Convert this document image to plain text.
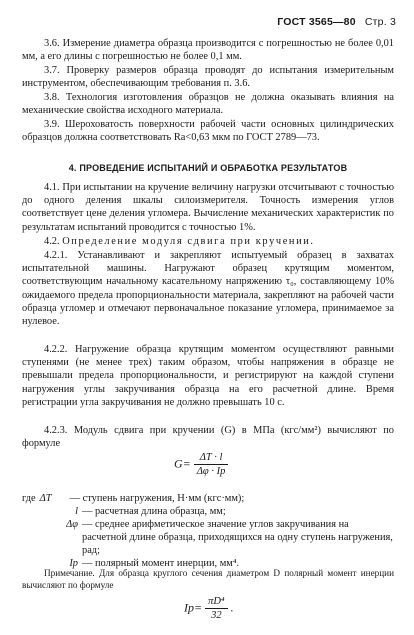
ГОСТ 3565—80 Стр. 3
3.6. Измерение диаметра образца производится с погрешностью не более 0,01 мм, а его длины с погрешностью не более 0,1 мм.
3.7. Проверку размеров образца проводят до испытания измерительным инструментом, обеспечивающим требования п. 3.6.
3.8. Технология изготовления образцов не должна оказывать влияния на механические свойства исходного материала.
3.9. Шероховатость поверхности рабочей части основных цилиндрических образцов должна соответствовать Ra<0,63 мкм по ГОСТ 2789—73.
4. ПРОВЕДЕНИЕ ИСПЫТАНИЙ И ОБРАБОТКА РЕЗУЛЬТАТОВ
4.1. При испытании на кручение величину нагрузки отсчитывают с точностью до одного деления шкалы силоизмерителя. Точность измерения углов соответствует цене деления угломера. Вычисление механических характеристик по результатам испытаний проводится с точностью 1%.
4.2. Определение модуля сдвига при кручении.
4.2.1. Устанавливают и закрепляют испытуемый образец в захватах испытательной машины. Нагружают образец крутящим моментом, соответствующим начальному касательному напряжению τ₀, составляющему 10% ожидаемого предела пропорциональности материала, закрепляют на рабочей части образца угломер и отмечают первоначальное показание угломера, принимаемое за нулевое.
4.2.2. Нагружение образца крутящим моментом осуществляют равными ступенями (не менее трех) таким образом, чтобы напряжения в образце не превышали предела пропорциональности, и регистрируют на каждой ступени нагружения углы закручивания образца на его расчетной длине. Время регистрации угла закручивания не должно превышать 10 с.
4.2.3. Модуль сдвига при кручении (G) в МПа (кгс/мм²) вычисляют по формуле
$G= \frac{\Delta T \cdot l}{\Delta\varphi \cdot Ip}$
где ΔT	— ступень нагружения, Н·мм (кгс·мм);
l — расчетная длина образца, мм;
Δφ — среднее арифметическое значение углов закручивания на расчетной длине образца, приходящихся на одну ступень нагружения, рад;
Ip — полярный момент инерции, мм⁴.
Примечание. Для образца круглого сечения диаметром D полярный момент инерции вычисляют по формуле
$Ip= \frac{\text{πD⁴}}{32}$ .
